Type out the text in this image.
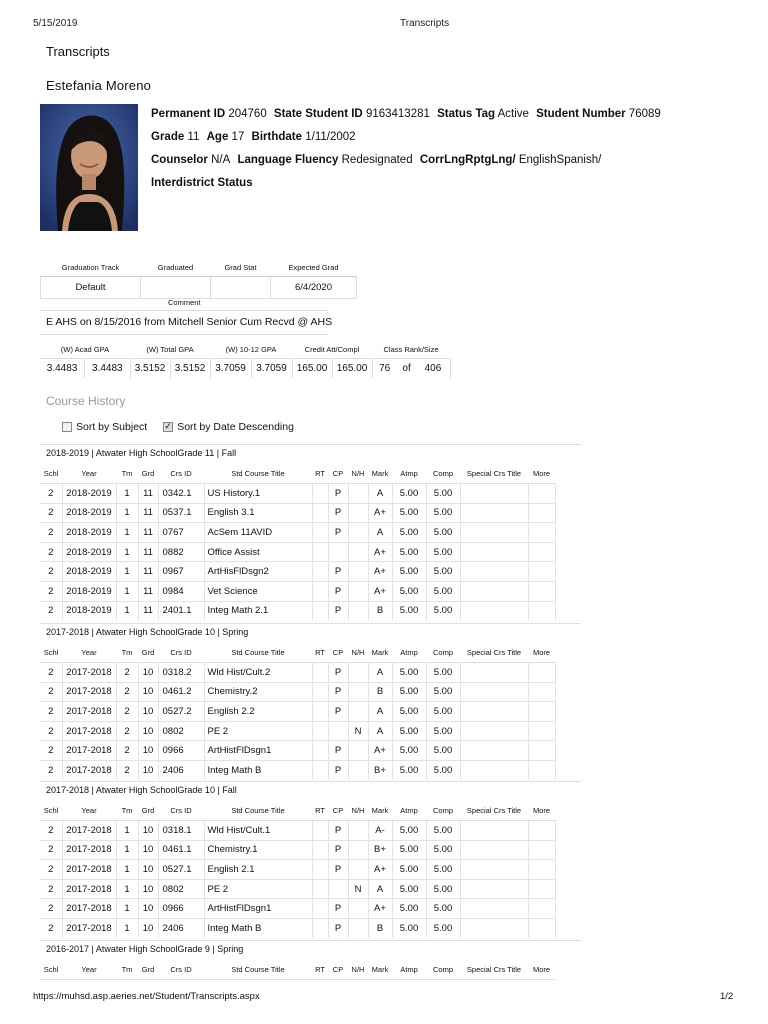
5/15/2019	Transcripts
Transcripts
Estefania Moreno
Permanent ID 204760 State Student ID 9163413281 Status Tag Active Student Number 76089
Grade 11 Age 17 Birthdate 1/11/2002
Counselor N/A Language Fluency Redesignated CorrLngRptgLng/ EnglishSpanish/
Interdistrict Status
Graduation Track	Graduated	Grad Stat	Expected Grad
Default			6/4/2020
Comment
E AHS on 8/15/2016 from Mitchell Senior Cum Recvd @ AHS
(W) Acad GPA		(W) Total GPA		(W) 10-12 GPA		Credit Att/Compl		Class Rank/Size		
3.4483	3.4483	3.5152	3.5152	3.7059	3.7059	165.00	165.00	76	of	406
Course History
Sort by Subject ✓	Sort by Date Descending
2018-2019 | Atwater High SchoolGrade 11 | Fall
Schl	Year	Tm	Grd	Crs ID	Std Course Title	RT	CP	N/H	Mark	Atmp	Comp	Special Crs Title	More
2	2018-2019	1	11	0342.1	US History.1		P		A	5.00	5.00		
2	2018-2019	1	11	0537.1	English 3.1		P		A+	5.00	5.00		
2	2018-2019	1	11	0767	AcSem 11AVID		P		A	5.00	5.00		
2	2018-2019	1	11	0882	Office Assist				A+	5.00	5.00		
2	2018-2019	1	11	0967	ArtHisFlDsgn2		P		A+	5.00	5.00		
2	2018-2019	1	11	0984	Vet Science		P		A+	5.00	5.00		
2	2018-2019	1	11	2401.1	Integ Math 2.1		P		B	5.00	5.00		
2017-2018 | Atwater High SchoolGrade 10 | Spring
Schl	Year	Tm	Grd	Crs ID	Std Course Title	RT	CP	N/H	Mark	Atmp	Comp	Special Crs Title	More
2	2017-2018	2	10	0318.2	Wld Hist/Cult.2		P		A	5.00	5.00		
2	2017-2018	2	10	0461.2	Chemistry.2		P		B	5.00	5.00		
2	2017-2018	2	10	0527.2	English 2.2		P		A	5.00	5.00		
2	2017-2018	2	10	0802	PE 2			N	A	5.00	5.00		
2	2017-2018	2	10	0966	ArtHistFlDsgn1		P		A+	5.00	5.00		
2	2017-2018	2	10	2406	Integ Math B		P		B+	5.00	5.00		
2017-2018 | Atwater High SchoolGrade 10 | Fall
Schl	Year	Tm	Grd	Crs ID	Std Course Title	RT	CP	N/H	Mark	Atmp	Comp	Special Crs Title	More
2	2017-2018	1	10	0318.1	Wld Hist/Cult.1		P		A-	5.00	5.00		
2	2017-2018	1	10	0461.1	Chemistry.1		P		B+	5.00	5.00		
2	2017-2018	1	10	0527.1	English 2.1		P		A+	5.00	5.00		
2	2017-2018	1	10	0802	PE 2			N	A	5.00	5.00		
2	2017-2018	1	10	0966	ArtHistFlDsgn1		P		A+	5.00	5.00		
2	2017-2018	1	10	2406	Integ Math B		P		B	5.00	5.00		
2016-2017 | Atwater High SchoolGrade 9 | Spring
Schl	Year	Tm	Grd	Crs ID	Std Course Title	RT	CP	N/H	Mark	Atmp	Comp	Special Crs Title	More
https://muhsd.asp.aeries.net/Student/Transcripts.aspx	1/2
